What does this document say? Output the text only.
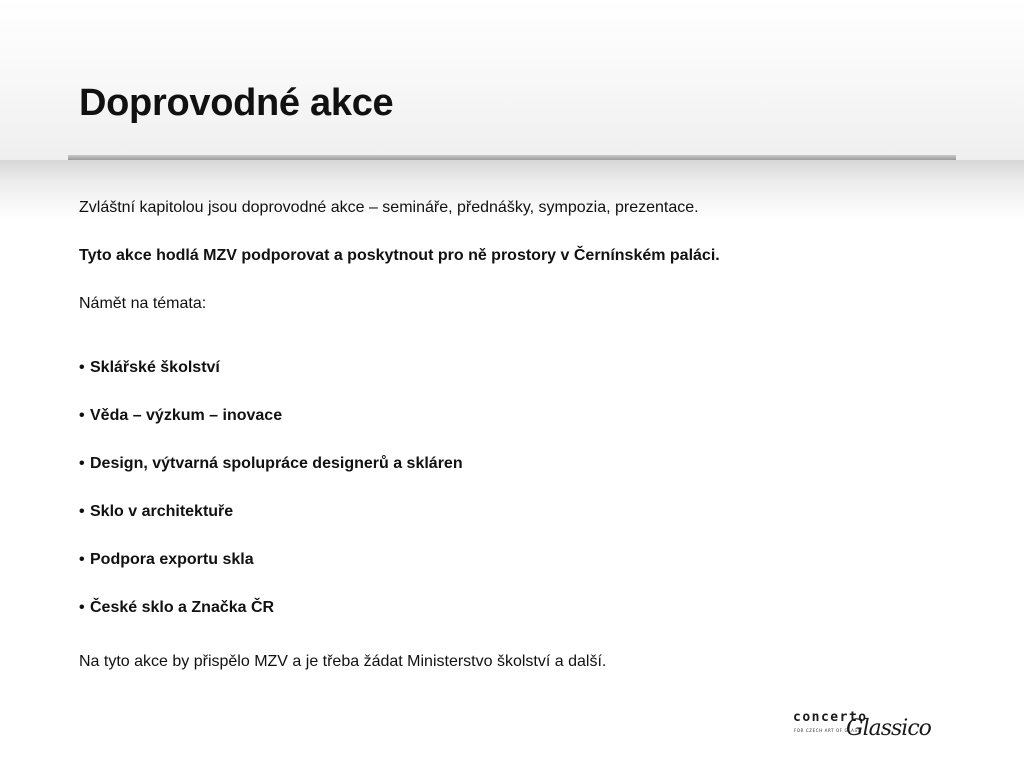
Doprovodné akce
Zvláštní kapitolou jsou doprovodné akce – semináře, přednášky, sympozia, prezentace.
Tyto akce hodlá MZV podporovat a poskytnout pro ně prostory v Černínském paláci.
Námět na témata:
• Sklářské školství
• Věda – výzkum – inovace
• Design, výtvarná spolupráce designerů a skláren
• Sklo v architektuře
• Podpora exportu skla
• České sklo a Značka ČR
Na tyto akce by přispělo MZV a je třeba žádat Ministerstvo školství a další.
concerto
FOR CZECH ART OF GLASS
Glassico
